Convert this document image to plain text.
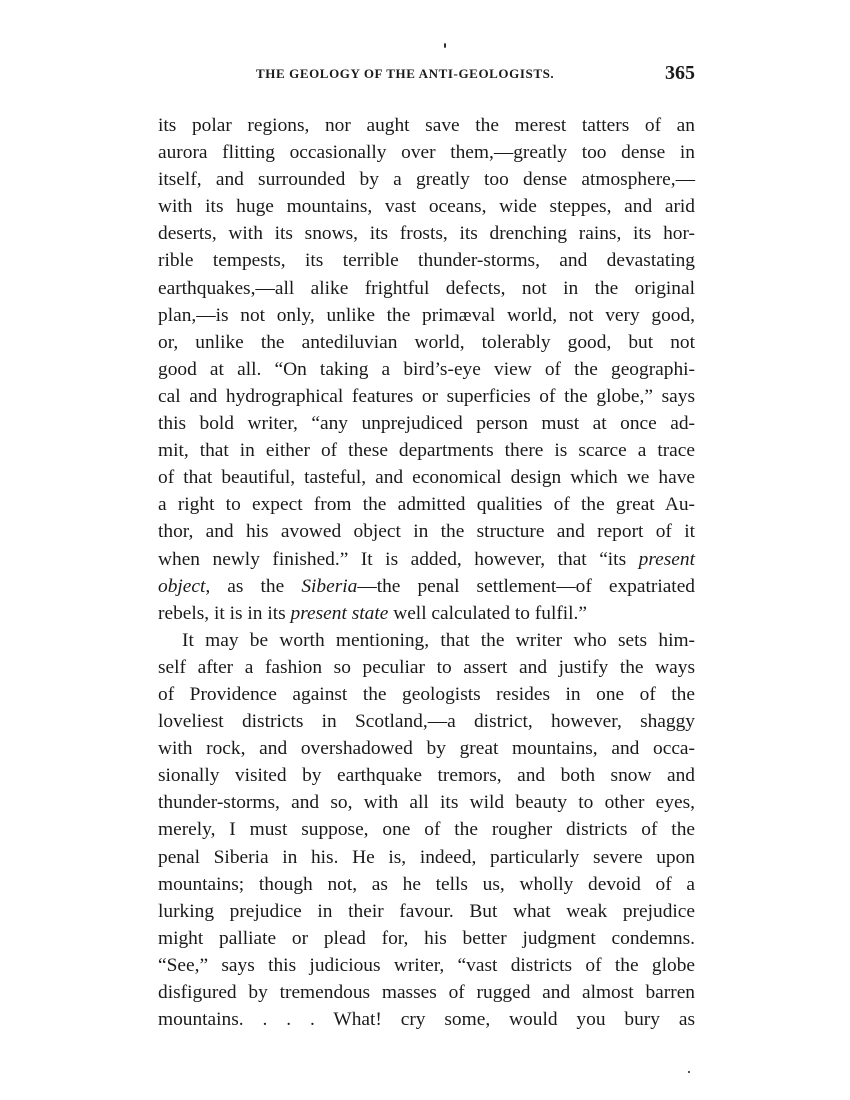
THE GEOLOGY OF THE ANTI-GEOLOGISTS.	365
its polar regions, nor aught save the merest tatters of an
aurora flitting occasionally over them,—greatly too dense in
itself, and surrounded by a greatly too dense atmosphere,—
with its huge mountains, vast oceans, wide steppes, and arid
deserts, with its snows, its frosts, its drenching rains, its hor-
rible tempests, its terrible thunder-storms, and devastating
earthquakes,—all alike frightful defects, not in the original
plan,—is not only, unlike the primæval world, not very good,
or, unlike the antediluvian world, tolerably good, but not
good at all. “On taking a bird’s-eye view of the geographi-
cal and hydrographical features or superficies of the globe,” says
this bold writer, “any unprejudiced person must at once ad-
mit, that in either of these departments there is scarce a trace
of that beautiful, tasteful, and economical design which we have
a right to expect from the admitted qualities of the great Au-
thor, and his avowed object in the structure and report of it
when newly finished.” It is added, however, that “its present
object, as the Siberia—the penal settlement—of expatriated
rebels, it is in its present state well calculated to fulfil.”
It may be worth mentioning, that the writer who sets him-
self after a fashion so peculiar to assert and justify the ways
of Providence against the geologists resides in one of the
loveliest districts in Scotland,—a district, however, shaggy
with rock, and overshadowed by great mountains, and occa-
sionally visited by earthquake tremors, and both snow and
thunder-storms, and so, with all its wild beauty to other eyes,
merely, I must suppose, one of the rougher districts of the
penal Siberia in his. He is, indeed, particularly severe upon
mountains; though not, as he tells us, wholly devoid of a
lurking prejudice in their favour. But what weak prejudice
might palliate or plead for, his better judgment condemns.
“See,” says this judicious writer, “vast districts of the globe
disfigured by tremendous masses of rugged and almost barren
mountains. . . . What! cry some, would you bury as
